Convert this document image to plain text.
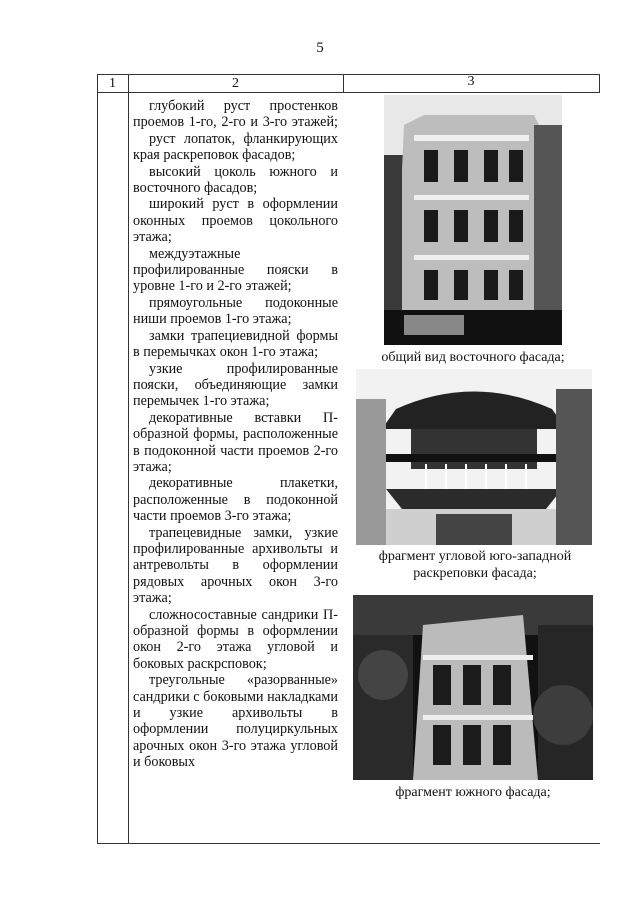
5
1	2	3

глубокий руст простенков проемов 1-го, 2-го и 3-го этажей;

руст лопаток, фланкирующих края раскреповок фасадов;

высокий цоколь южного и восточного фасадов;

широкий руст в оформлении оконных проемов цокольного этажа;

междуэтажные профилированные пояски в уровне 1-го и 2-го этажей;

прямоугольные подоконные ниши проемов 1-го этажа;

замки трапециевидной формы в перемычках окон 1-го этажа;

узкие профилированные пояски, объединяющие замки перемычек 1-го этажа;

декоративные вставки П-образной формы, расположенные в подоконной части проемов 2-го этажа;

декоративные плакетки, расположенные в подоконной части проемов 3-го этажа;

трапецевидные замки, узкие профилированные архивольты и антревольты в оформлении рядовых арочных окон 3-го этажа;

сложносоставные сандрики П-образной формы в оформлении окон 2-го этажа угловой и боковых раскрсповок;

треугольные «разорванные» сандрики с боковыми накладками и узкие архивольты в оформлении полуциркульных арочных окон 3-го этажа угловой и боковых

общий вид восточного фасада;
фрагмент угловой юго-западной
раскреповки фасада;
фрагмент южного фасада;
